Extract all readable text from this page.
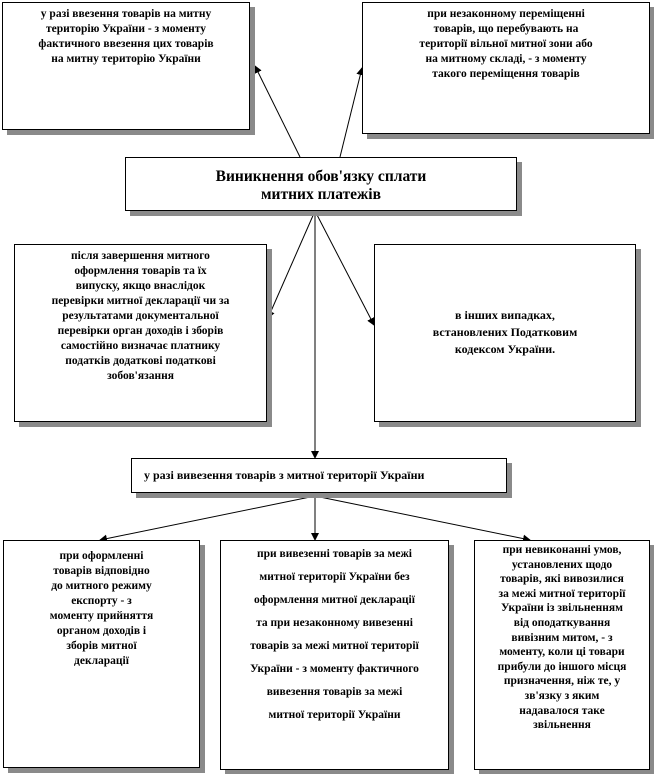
у разі ввезення товарів на митну
територію України - з моменту
фактичного ввезення цих товарів
на митну територію України
при незаконному переміщенні
товарів, що перебувають на
території вільної митної зони або
на митному складі, - з моменту
такого переміщення товарів
Виникнення обов'язку сплати
митних платежів
після завершення митного
оформлення товарів та їх
випуску, якщо внаслідок
перевірки митної декларації чи за
результатами документальної
перевірки орган доходів і зборів
самостійно визначає платнику
податків додаткові податкові
зобов'язання
в інших випадках,
встановлених Податковим
кодексом України.
у разі вивезення товарів з митної території України
при оформленні
товарів відповідно
до митного режиму
експорту - з
моменту прийняття
органом доходів і
зборів митної
декларації
при вивезенні товарів за межі
митної території України без
оформлення митної декларації
та при незаконному вивезенні
товарів за межі митної території
України - з моменту фактичного
вивезення товарів за межі
митної території України
при невиконанні умов,
установлених щодо
товарів, які вивозилися
за межі митної території
України із звільненням
від оподаткування
вивізним митом, - з
моменту, коли ці товари
прибули до іншого місця
призначення, ніж те, у
зв'язку з яким
надавалося таке
звільнення
